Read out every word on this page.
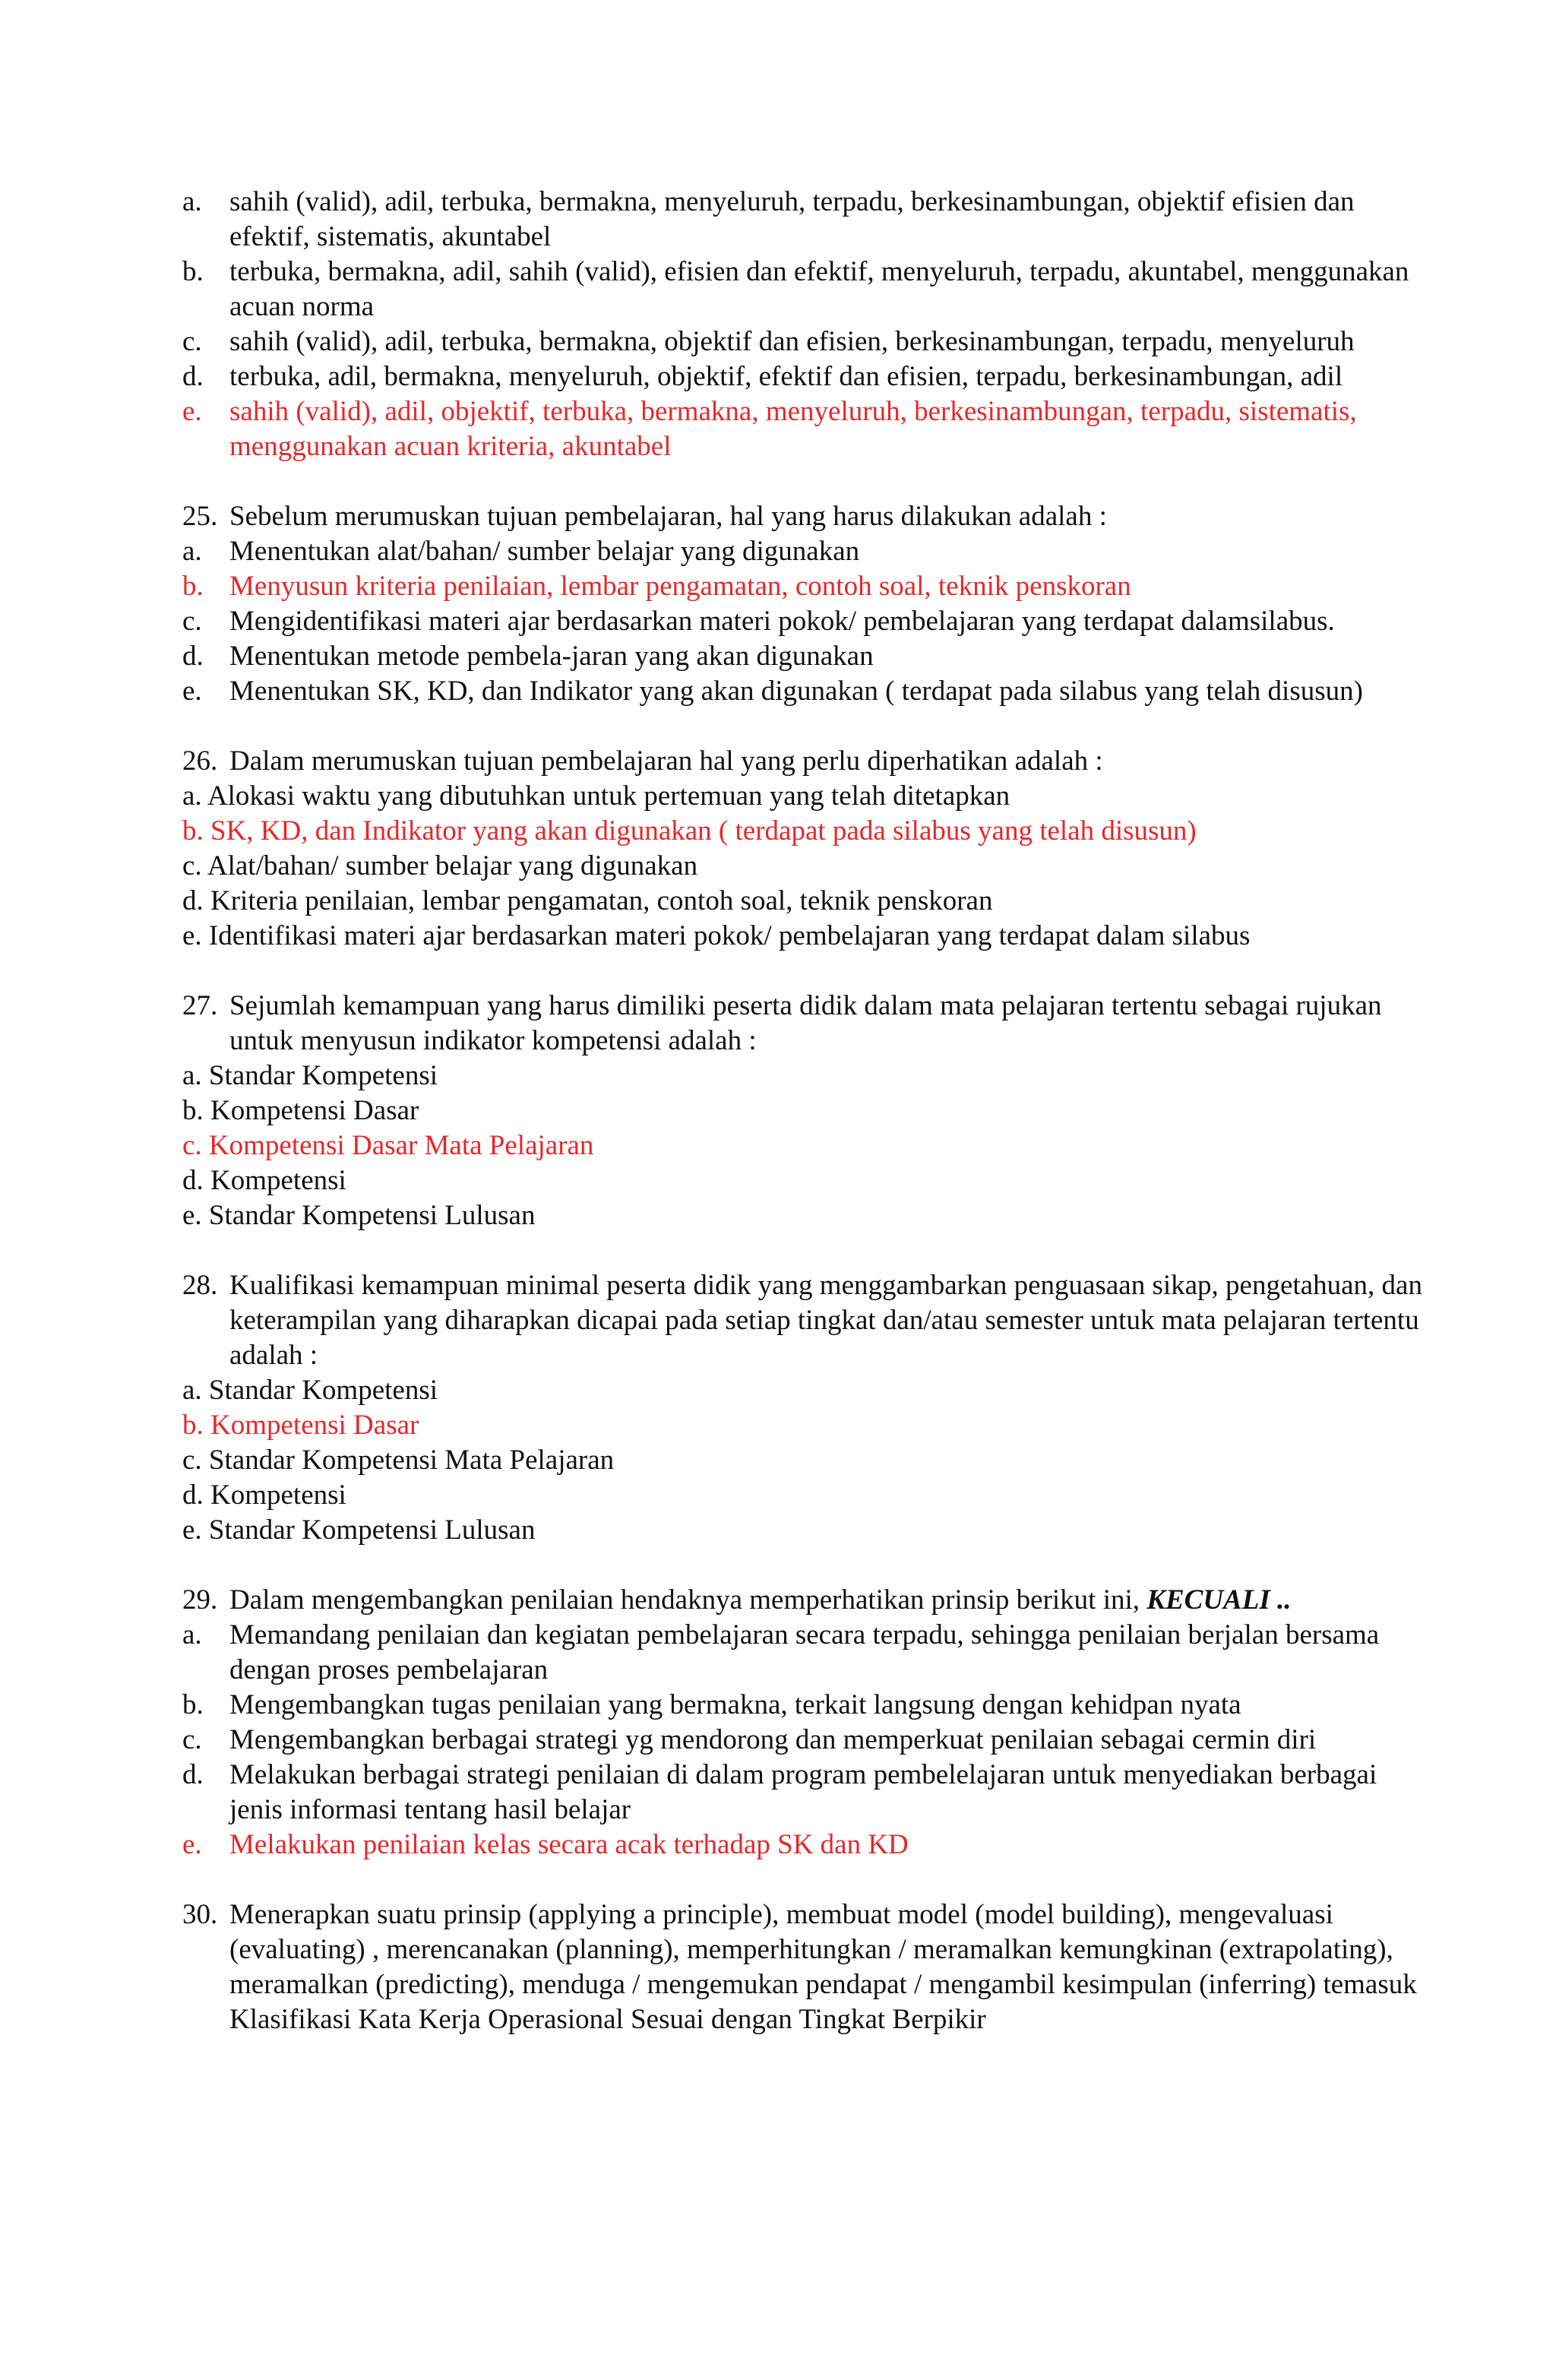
a. sahih (valid), adil, terbuka, bermakna, menyeluruh, terpadu, berkesinambungan, objektif efisien dan efektif, sistematis, akuntabel
b. terbuka, bermakna, adil, sahih (valid), efisien dan efektif, menyeluruh, terpadu, akuntabel, menggunakan acuan norma
c. sahih (valid), adil, terbuka, bermakna, objektif dan efisien, berkesinambungan, terpadu, menyeluruh
d. terbuka, adil, bermakna, menyeluruh, objektif, efektif dan efisien, terpadu, berkesinambungan, adil
e. sahih (valid), adil, objektif, terbuka, bermakna, menyeluruh, berkesinambungan, terpadu, sistematis, menggunakan acuan kriteria, akuntabel
25. Sebelum merumuskan tujuan pembelajaran, hal yang harus dilakukan adalah :
a. Menentukan alat/bahan/ sumber belajar yang digunakan
b. Menyusun kriteria penilaian, lembar pengamatan, contoh soal, teknik penskoran
c. Mengidentifikasi materi ajar berdasarkan materi pokok/ pembelajaran yang terdapat dalamsilabus.
d. Menentukan metode pembela-jaran yang akan digunakan
e. Menentukan SK, KD, dan Indikator yang akan digunakan ( terdapat pada silabus yang telah disusun)
26. Dalam merumuskan tujuan pembelajaran hal yang perlu diperhatikan adalah :
a. Alokasi waktu yang dibutuhkan untuk pertemuan yang telah ditetapkan
b. SK, KD, dan Indikator yang akan digunakan ( terdapat pada silabus yang telah disusun)
c. Alat/bahan/ sumber belajar yang digunakan
d. Kriteria penilaian, lembar pengamatan, contoh soal, teknik penskoran
e. Identifikasi materi ajar berdasarkan materi pokok/ pembelajaran yang terdapat dalam silabus
27. Sejumlah kemampuan yang harus dimiliki peserta didik dalam mata pelajaran tertentu sebagai rujukan untuk menyusun indikator kompetensi adalah :
a. Standar Kompetensi
b. Kompetensi Dasar
c. Kompetensi Dasar Mata Pelajaran
d. Kompetensi
e. Standar Kompetensi Lulusan
28. Kualifikasi kemampuan minimal peserta didik yang menggambarkan penguasaan sikap, pengetahuan, dan keterampilan yang diharapkan dicapai pada setiap tingkat dan/atau semester untuk mata pelajaran tertentu adalah :
a. Standar Kompetensi
b. Kompetensi Dasar
c. Standar Kompetensi Mata Pelajaran
d. Kompetensi
e. Standar Kompetensi Lulusan
29. Dalam mengembangkan penilaian hendaknya memperhatikan prinsip berikut ini, KECUALI ..
a. Memandang penilaian dan kegiatan pembelajaran secara terpadu, sehingga penilaian berjalan bersama dengan proses pembelajaran
b. Mengembangkan tugas penilaian yang bermakna, terkait langsung dengan kehidpan nyata
c. Mengembangkan berbagai strategi yg mendorong dan memperkuat penilaian sebagai cermin diri
d. Melakukan berbagai strategi penilaian di dalam program pembelelajaran untuk menyediakan berbagai jenis informasi tentang hasil belajar
e. Melakukan penilaian kelas secara acak terhadap SK dan KD
30. Menerapkan suatu prinsip (applying a principle), membuat model (model building), mengevaluasi (evaluating) , merencanakan (planning), memperhitungkan / meramalkan kemungkinan (extrapolating), meramalkan (predicting), menduga / mengemukan pendapat / mengambil kesimpulan (inferring) temasuk Klasifikasi Kata Kerja Operasional Sesuai dengan Tingkat Berpikir
